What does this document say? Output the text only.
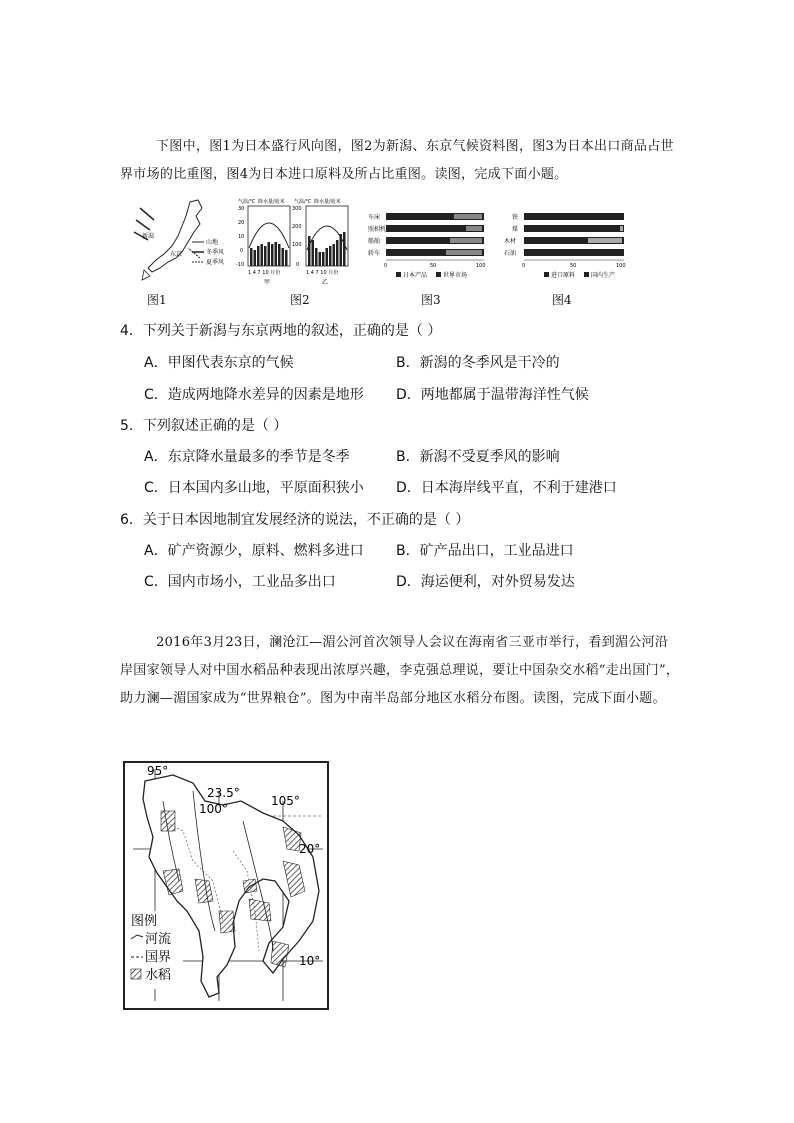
下图中，图1为日本盛行风向图，图2为新潟、东京气候资料图，图3为日本出口商品占世界市场的比重图，图4为日本进口原料及所占比重图。读图，完成下面小题。

新潟
东京
山地
冬季风
夏季风
图1
气温/℃ 降水量/毫米 气温/℃ 降水量/毫米
30
20
10
0
-10
300
200
100
0
1 4 7 10 月份	1 4 7 10 月份
甲	乙
图2
车床
照相机
船舶
轿车
0	50	100
日本产品	世界市场
图3
铁
煤
木材
石油
0	50	100
进口原料	国内生产
图4
4．下列关于新潟与东京两地的叙述，正确的是（ ）
A．甲图代表东京的气候	B．新潟的冬季风是干冷的
C．造成两地降水差异的因素是地形 D．两地都属于温带海洋性气候
5．下列叙述正确的是（ ）
A．东京降水量最多的季节是冬季	B．新潟不受夏季风的影响
C．日本国内多山地，平原面积狭小 D．日本海岸线平直，不利于建港口
6．关于日本因地制宜发展经济的说法，不正确的是（ ）
A．矿产资源少，原料、燃料多进口 B．矿产品出口，工业品进口
C．国内市场小，工业品多出口	D．海运便利，对外贸易发达

2016年3月23日，澜沧江—湄公河首次领导人会议在海南省三亚市举行，看到湄公河沿岸国家领导人对中国水稻品种表现出浓厚兴趣，李克强总理说，要让中国杂交水稻“走出国门”，助力澜—湄国家成为“世界粮仓”。图为中南半岛部分地区水稻分布图。读图，完成下面小题。

95°
100°
105°
23.5°
20°
10°
图例
河流
国界
水稻
